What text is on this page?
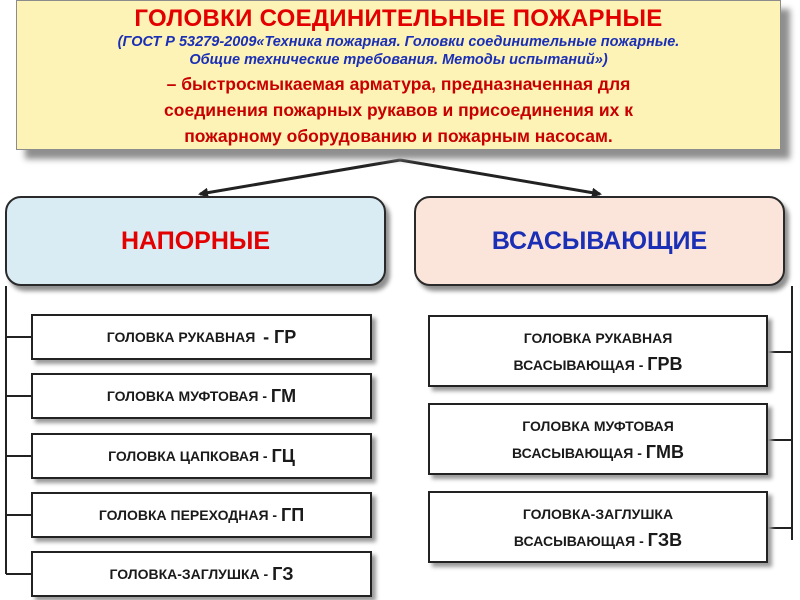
ГОЛОВКИ СОЕДИНИТЕЛЬНЫЕ ПОЖАРНЫЕ
(ГОСТ Р 53279-2009«Техника пожарная. Головки соединительные пожарные.
Общие технические требования. Методы испытаний»)
– быстросмыкаемая арматура, предназначенная для
соединения пожарных рукавов и присоединения их к
пожарному оборудованию и пожарным насосам.
НАПОРНЫЕ	ВСАСЫВАЮЩИЕ
ГОЛОВКА РУКАВНАЯ
- ГР
ГОЛОВКА МУФТОВАЯ -
ГМ
ГОЛОВКА ЦАПКОВАЯ -
ГЦ
ГОЛОВКА ПЕРЕХОДНАЯ -
ГП
ГОЛОВКА-ЗАГЛУШКА -
ГЗ
ГОЛОВКА РУКАВНАЯ
ВСАСЫВАЮЩАЯ - ГРВ
ГОЛОВКА МУФТОВАЯ
ВСАСЫВАЮЩАЯ - ГМВ
ГОЛОВКА-ЗАГЛУШКА
ВСАСЫВАЮЩАЯ - ГЗВ
